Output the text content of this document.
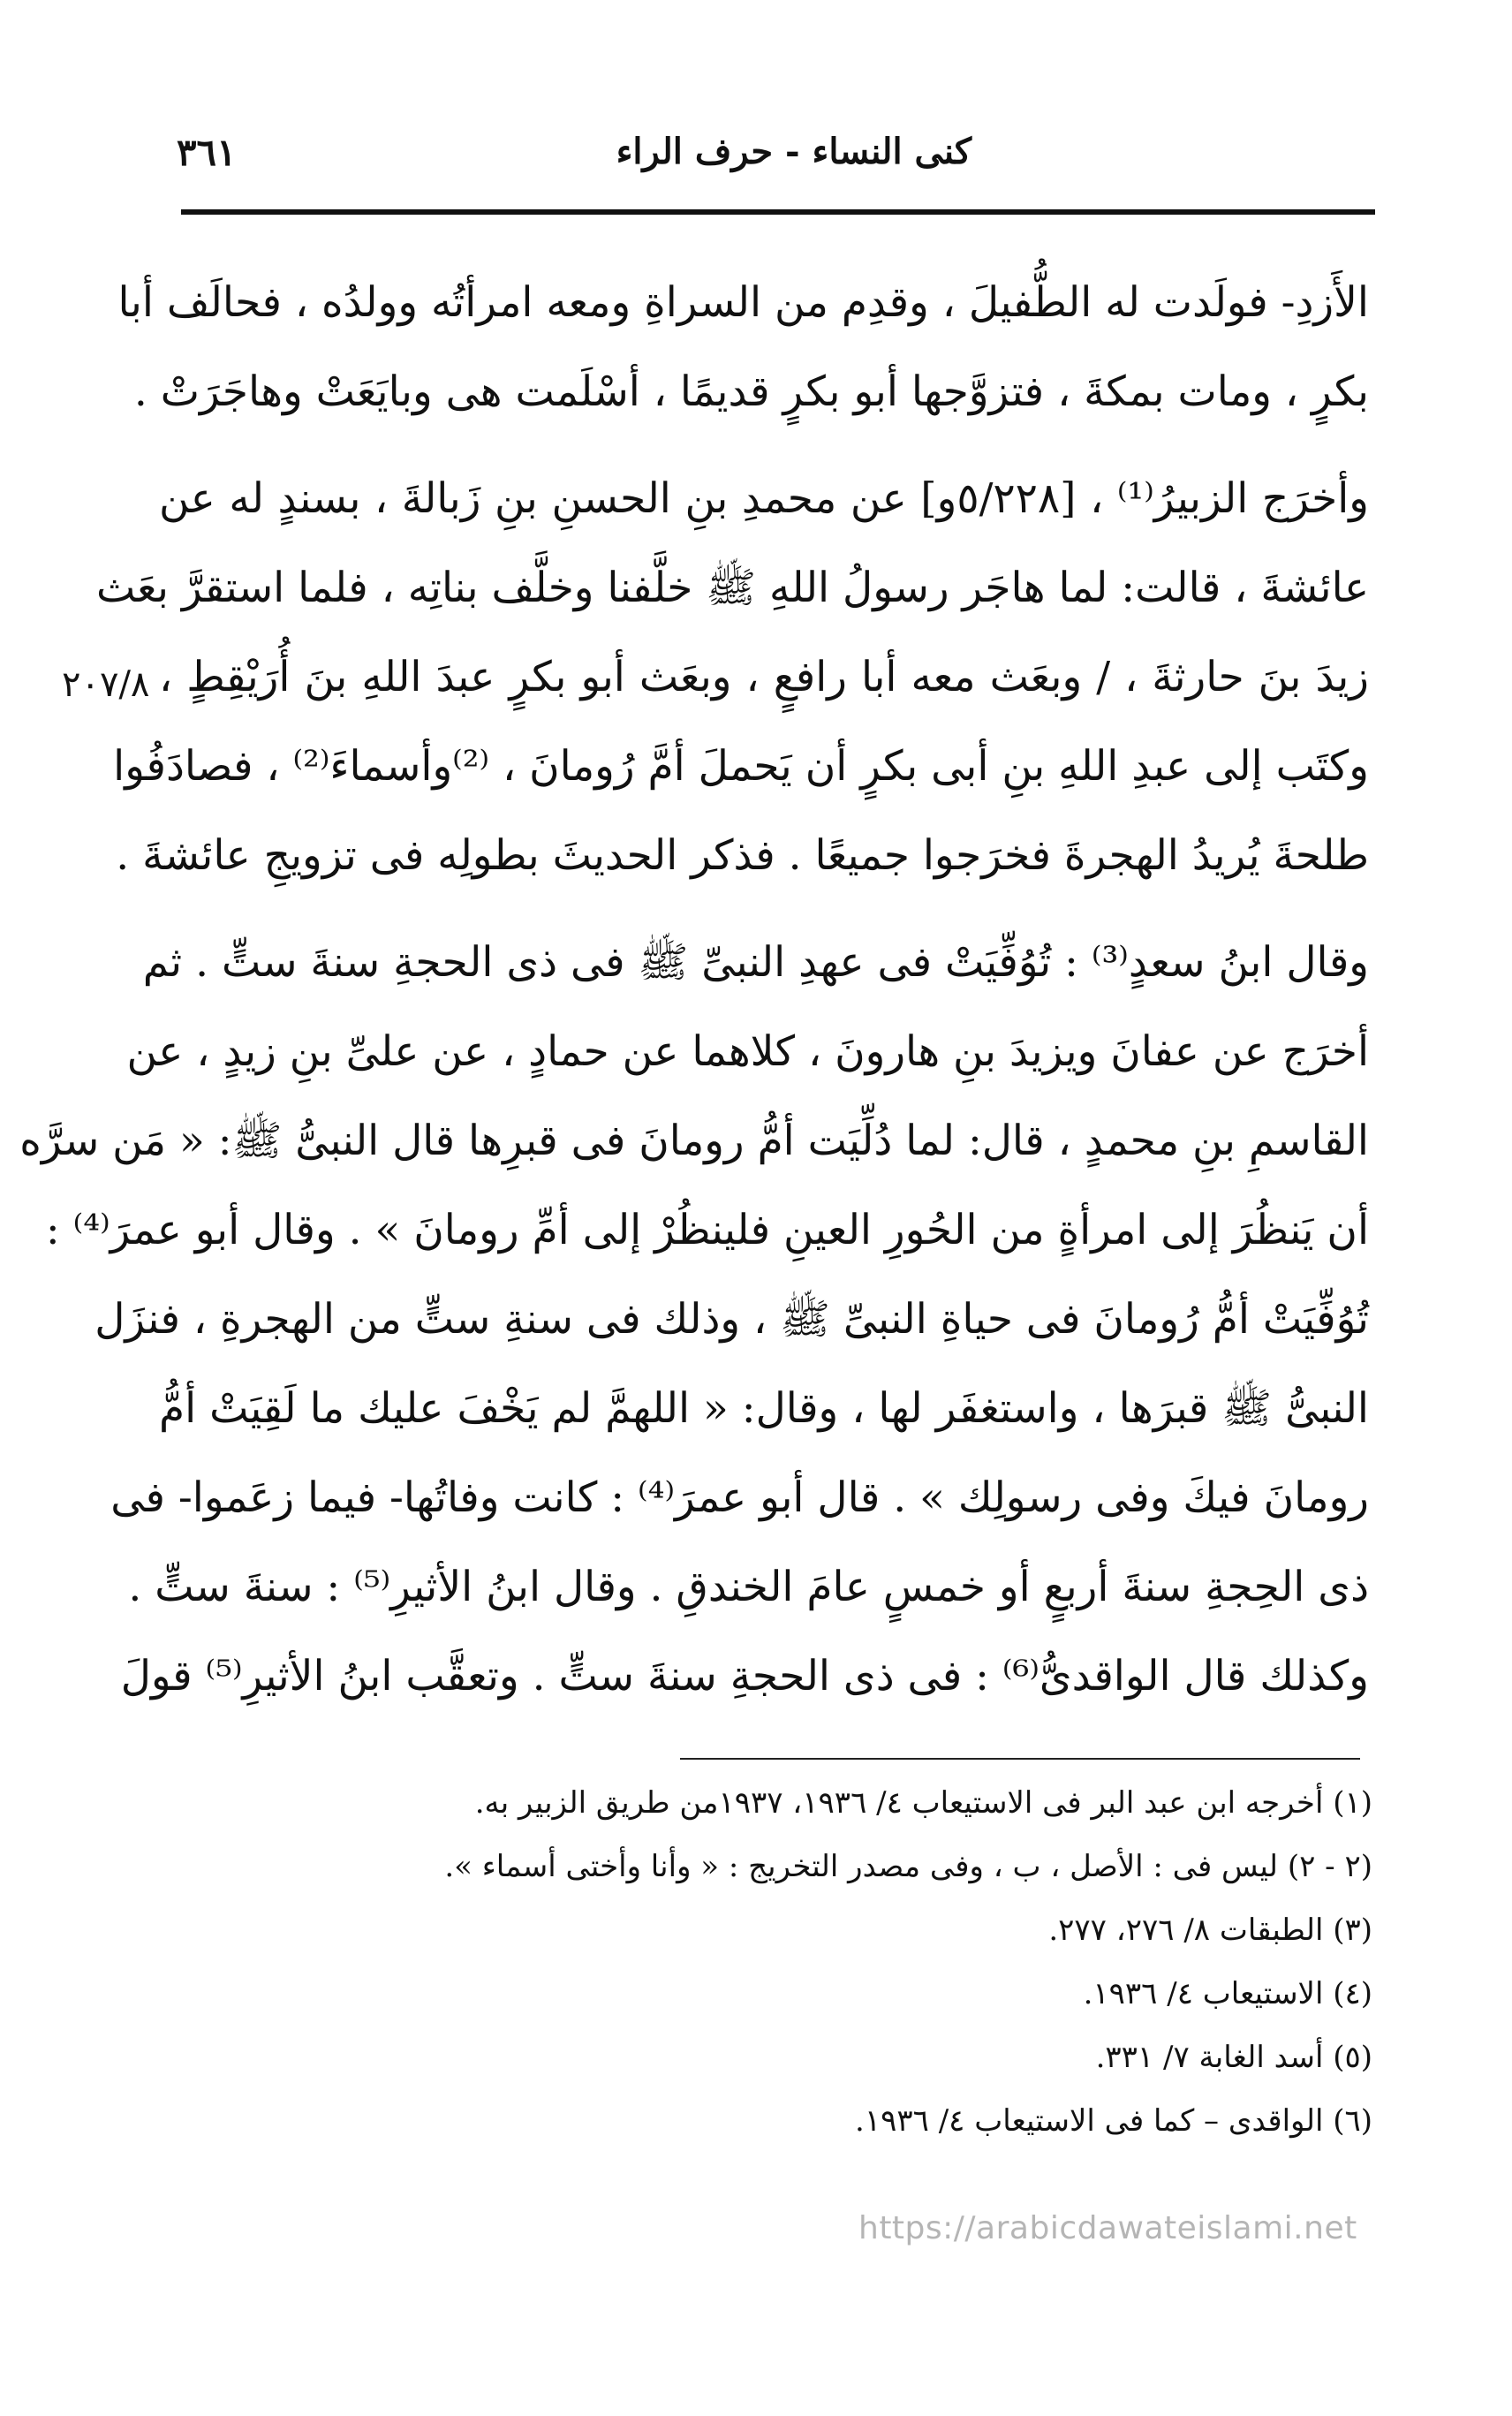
٣٦١	كنى النساء - حرف الراء
٢٠٧/٨
الأَزدِ- فولَدت له الطُّفيلَ ، وقدِم من السراةِ ومعه امرأتُه وولدُه ، فحالَف أبا
بكرٍ ، ومات بمكةَ ، فتزوَّجها أبو بكرٍ قديمًا ، أسْلَمت هى وبايَعَتْ وهاجَرَتْ .
وأخرَج الزبيرُ⁽¹⁾ ، [٥/٢٢٨و] عن محمدِ بنِ الحسنِ بنِ زَبالةَ ، بسندٍ له عن
عائشةَ ، قالت: لما هاجَر رسولُ اللهِ ﷺ خلَّفنا وخلَّف بناتِه ، فلما استقرَّ بعَث
زيدَ بنَ حارثةَ ، / وبعَث معه أبا رافعٍ ، وبعَث أبو بكرٍ عبدَ اللهِ بنَ أُرَيْقِطٍ ،
وكتَب إلى عبدِ اللهِ بنِ أبى بكرٍ أن يَحملَ أمَّ رُومانَ ، ⁽²⁾وأسماءَ⁽²⁾ ، فصادَفُوا
طلحةَ يُريدُ الهجرةَ فخرَجوا جميعًا . فذكر الحديثَ بطولِه فى تزويجِ عائشةَ .
وقال ابنُ سعدٍ⁽³⁾ : تُوُفِّيَتْ فى عهدِ النبىِّ ﷺ فى ذى الحجةِ سنةَ ستٍّ . ثم
أخرَج عن عفانَ ويزيدَ بنِ هارونَ ، كلاهما عن حمادٍ ، عن علىِّ بنِ زيدٍ ، عن
القاسمِ بنِ محمدٍ ، قال: لما دُلِّيَت أمُّ رومانَ فى قبرِها قال النبىُّ ﷺ: « مَن سرَّه
أن يَنظُرَ إلى امرأةٍ من الحُورِ العينِ فلينظُرْ إلى أمِّ رومانَ » . وقال أبو عمرَ⁽⁴⁾ :
تُوُفِّيَتْ أمُّ رُومانَ فى حياةِ النبىِّ ﷺ ، وذلك فى سنةِ ستٍّ من الهجرةِ ، فنزَل
النبىُّ ﷺ قبرَها ، واستغفَر لها ، وقال: « اللهمَّ لم يَخْفَ عليك ما لَقِيَتْ أمُّ
رومانَ فيكَ وفى رسولِك » . قال أبو عمرَ⁽⁴⁾ : كانت وفاتُها- فيما زعَموا- فى
ذى الحِجةِ سنةَ أربعٍ أو خمسٍ عامَ الخندقِ . وقال ابنُ الأثيرِ⁽⁵⁾ : سنةَ ستٍّ .
وكذلك قال الواقدىُّ⁽⁶⁾ : فى ذى الحجةِ سنةَ ستٍّ . وتعقَّب ابنُ الأثيرِ⁽⁵⁾ قولَ
(١) أخرجه ابن عبد البر فى الاستيعاب ٤/ ١٩٣٦، ١٩٣٧من طريق الزبير به.
(٢ - ٢) ليس فى : الأصل ، ب ، وفى مصدر التخريج : « وأنا وأختى أسماء ».
(٣) الطبقات ٨/ ٢٧٦، ٢٧٧.
(٤) الاستيعاب ٤/ ١٩٣٦.
(٥) أسد الغابة ٧/ ٣٣١.
(٦) الواقدى – كما فى الاستيعاب ٤/ ١٩٣٦.
https://arabicdawateislami.net
